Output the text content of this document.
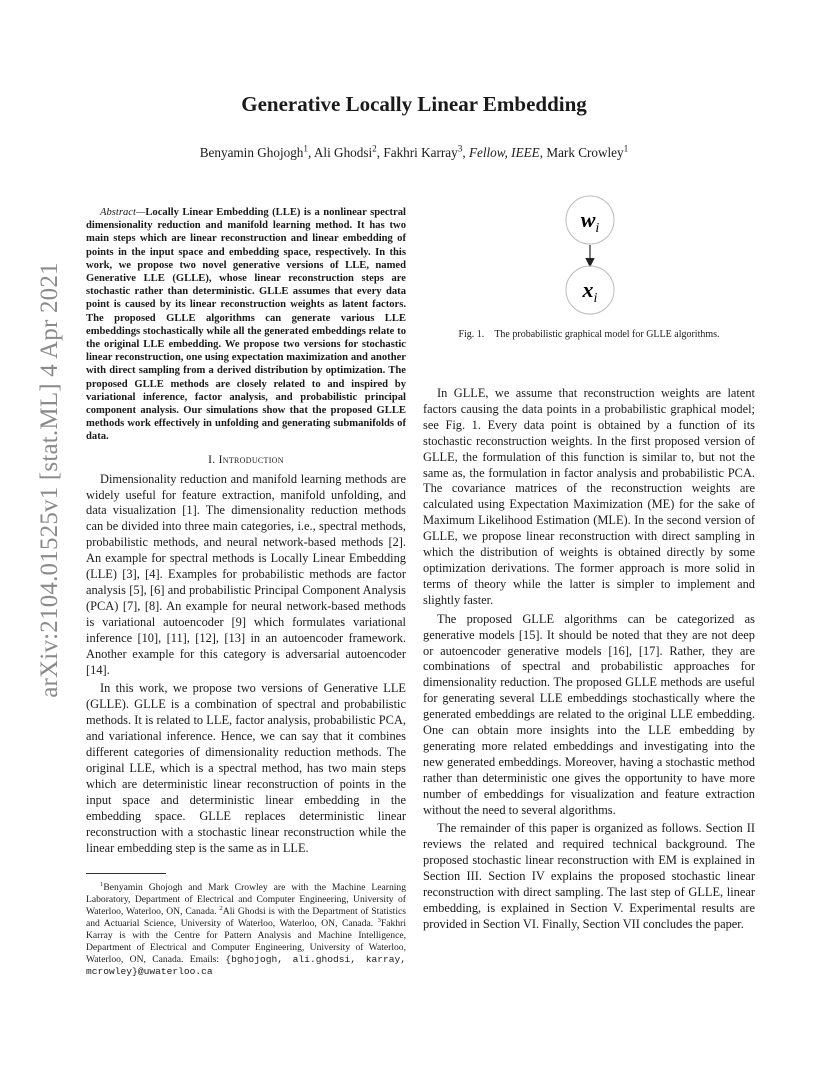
Generative Locally Linear Embedding
Benyamin Ghojogh$^1$, Ali Ghodsi$^2$, Fakhri Karray$^3$, Fellow, IEEE, Mark Crowley$^1$
arXiv:2104.01525v1 [stat.ML] 4 Apr 2021
Abstract—Locally Linear Embedding (LLE) is a nonlinear spectral dimensionality reduction and manifold learning method. It has two main steps which are linear reconstruction and linear embedding of points in the input space and embedding space, respectively. In this work, we propose two novel generative versions of LLE, named Generative LLE (GLLE), whose linear reconstruction steps are stochastic rather than deterministic. GLLE assumes that every data point is caused by its linear reconstruction weights as latent factors. The proposed GLLE algorithms can generate various LLE embeddings stochastically while all the generated embeddings relate to the original LLE embedding. We propose two versions for stochastic linear reconstruction, one using expectation maximization and another with direct sampling from a derived distribution by optimization. The proposed GLLE methods are closely related to and inspired by variational inference, factor analysis, and probabilistic principal component analysis. Our simulations show that the proposed GLLE methods work effectively in unfolding and generating submanifolds of data.
I. Introduction

Dimensionality reduction and manifold learning methods are widely useful for feature extraction, manifold unfolding, and data visualization [1]. The dimensionality reduction methods can be divided into three main categories, i.e., spectral methods, probabilistic methods, and neural network-based methods [2]. An example for spectral methods is Locally Linear Embedding (LLE) [3], [4]. Examples for probabilistic methods are factor analysis [5], [6] and probabilistic Principal Component Analysis (PCA) [7], [8]. An example for neural network-based methods is variational autoencoder [9] which formulates variational inference [10], [11], [12], [13] in an autoencoder framework. Another example for this category is adversarial autoencoder [14].

In this work, we propose two versions of Generative LLE (GLLE). GLLE is a combination of spectral and probabilistic methods. It is related to LLE, factor analysis, probabilistic PCA, and variational inference. Hence, we can say that it combines different categories of dimensionality reduction methods. The original LLE, which is a spectral method, has two main steps which are deterministic linear reconstruction of points in the input space and deterministic linear embedding in the embedding space. GLLE replaces deterministic linear reconstruction with a stochastic linear reconstruction while the linear embedding step is the same as in LLE.

$^1$Benyamin Ghojogh and Mark Crowley are with the Machine Learning Laboratory, Department of Electrical and Computer Engineering, University of Waterloo, Waterloo, ON, Canada. $^2$Ali Ghodsi is with the Department of Statistics and Actuarial Science, University of Waterloo, Waterloo, ON, Canada. $^3$Fakhri Karray is with the Centre for Pattern Analysis and Machine Intelligence, Department of Electrical and Computer Engineering, University of Waterloo, Waterloo, ON, Canada. Emails: {bghojogh, ali.ghodsi, karray, mcrowley}@uwaterloo.ca
$w_i$
$x_i$
Fig. 1. The probabilistic graphical model for GLLE algorithms.

In GLLE, we assume that reconstruction weights are latent factors causing the data points in a probabilistic graphical model; see Fig. 1. Every data point is obtained by a function of its stochastic reconstruction weights. In the first proposed version of GLLE, the formulation of this function is similar to, but not the same as, the formulation in factor analysis and probabilistic PCA. The covariance matrices of the reconstruction weights are calculated using Expectation Maximization (ME) for the sake of Maximum Likelihood Estimation (MLE). In the second version of GLLE, we propose linear reconstruction with direct sampling in which the distribution of weights is obtained directly by some optimization derivations. The former approach is more solid in terms of theory while the latter is simpler to implement and slightly faster.

The proposed GLLE algorithms can be categorized as generative models [15]. It should be noted that they are not deep or autoencoder generative models [16], [17]. Rather, they are combinations of spectral and probabilistic approaches for dimensionality reduction. The proposed GLLE methods are useful for generating several LLE embeddings stochastically where the generated embeddings are related to the original LLE embedding. One can obtain more insights into the LLE embedding by generating more related embeddings and investigating into the new generated embeddings. Moreover, having a stochastic method rather than deterministic one gives the opportunity to have more number of embeddings for visualization and feature extraction without the need to several algorithms.

The remainder of this paper is organized as follows. Section II reviews the related and required technical background. The proposed stochastic linear reconstruction with EM is explained in Section III. Section IV explains the proposed stochastic linear reconstruction with direct sampling. The last step of GLLE, linear embedding, is explained in Section V. Experimental results are provided in Section VI. Finally, Section VII concludes the paper.
